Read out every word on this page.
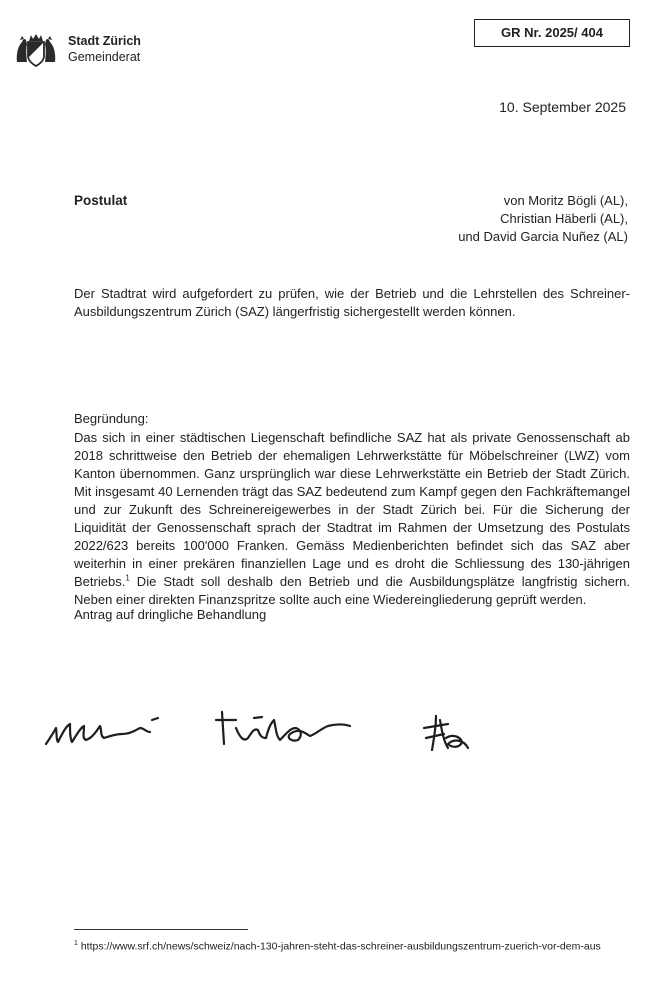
Stadt Zürich
Gemeinderat
GR Nr. 2025/ 404
10. September 2025
Postulat	von Moritz Bögli (AL),
Christian Häberli (AL),
und David Garcia Nuñez (AL)
Der Stadtrat wird aufgefordert zu prüfen, wie der Betrieb und die Lehrstellen des Schreiner-Ausbildungszentrum Zürich (SAZ) längerfristig sichergestellt werden können.
Begründung:
Das sich in einer städtischen Liegenschaft befindliche SAZ hat als private Genossenschaft ab 2018 schrittweise den Betrieb der ehemaligen Lehrwerkstätte für Möbelschreiner (LWZ) vom Kanton übernommen. Ganz ursprünglich war diese Lehrwerkstätte ein Betrieb der Stadt Zürich. Mit insgesamt 40 Lernenden trägt das SAZ bedeutend zum Kampf gegen den Fachkräftemangel und zur Zukunft des Schreinereigewerbes in der Stadt Zürich bei. Für die Sicherung der Liquidität der Genossenschaft sprach der Stadtrat im Rahmen der Umsetzung des Postulats 2022/623 bereits 100'000 Franken. Gemäss Medienberichten befindet sich das SAZ aber weiterhin in einer prekären finanziellen Lage und es droht die Schliessung des 130-jährigen Betriebs.$^1$ Die Stadt soll deshalb den Betrieb und die Ausbildungsplätze langfristig sichern. Neben einer direkten Finanzspritze sollte auch eine Wiedereingliederung geprüft werden.
Antrag auf dringliche Behandlung
$^1$ https://www.srf.ch/news/schweiz/nach-130-jahren-steht-das-schreiner-ausbildungszentrum-zuerich-vor-dem-aus
